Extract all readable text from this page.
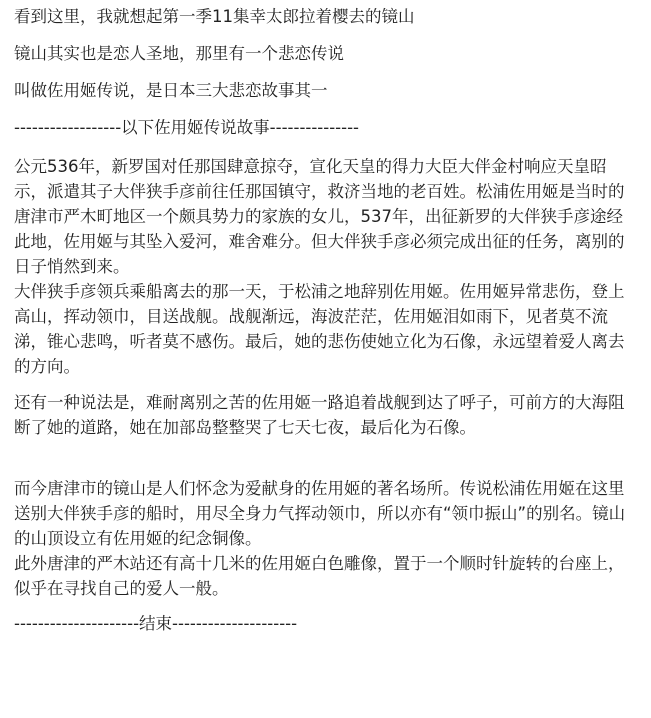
看到这里，我就想起第一季11集幸太郎拉着樱去的镜山

镜山其实也是恋人圣地，那里有一个悲恋传说

叫做佐用姬传说，是日本三大悲恋故事其一

------------------以下佐用姬传说故事---------------

公元536年，新罗国对任那国肆意掠夺，宣化天皇的得力大臣大伴金村响应天皇昭示，派遣其子大伴狭手彦前往任那国镇守，救济当地的老百姓。松浦佐用姬是当时的唐津市严木町地区一个颇具势力的家族的女儿，537年，出征新罗的大伴狭手彦途经此地，佐用姬与其坠入爱河，难舍难分。但大伴狭手彦必须完成出征的任务，离别的日子悄然到来。

大伴狭手彦领兵乘船离去的那一天，于松浦之地辞别佐用姬。佐用姬异常悲伤，登上高山，挥动领巾，目送战舰。战舰渐远，海波茫茫，佐用姬泪如雨下，见者莫不流涕，锥心悲鸣，听者莫不感伤。最后，她的悲伤使她立化为石像，永远望着爱人离去的方向。

还有一种说法是，难耐离别之苦的佐用姬一路追着战舰到达了呼子，可前方的大海阻断了她的道路，她在加部岛整整哭了七天七夜，最后化为石像。

而今唐津市的镜山是人们怀念为爱献身的佐用姬的著名场所。传说松浦佐用姬在这里送别大伴狭手彦的船时，用尽全身力气挥动领巾，所以亦有“领巾振山”的别名。镜山的山顶设立有佐用姬的纪念铜像。

此外唐津的严木站还有高十几米的佐用姬白色雕像，置于一个顺时针旋转的台座上，似乎在寻找自己的爱人一般。

---------------------结束---------------------
